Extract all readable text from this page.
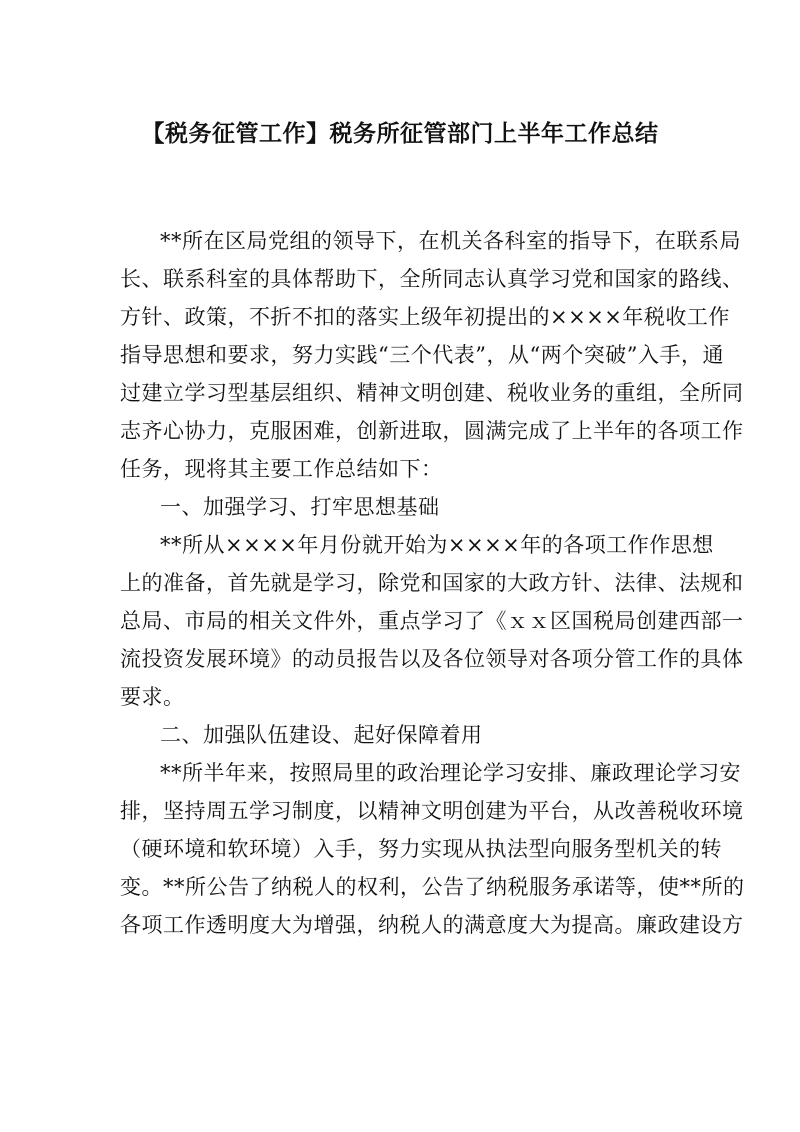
【税务征管工作】税务所征管部门上半年工作总结
**所在区局党组的领导下，在机关各科室的指导下，在联系局
长、联系科室的具体帮助下，全所同志认真学习党和国家的路线、
方针、政策，不折不扣的落实上级年初提出的××××年税收工作
指导思想和要求，努力实践“三个代表”，从“两个突破”入手，通
过建立学习型基层组织、精神文明创建、税收业务的重组，全所同
志齐心协力，克服困难，创新进取，圆满完成了上半年的各项工作
任务，现将其主要工作总结如下：
一、加强学习、打牢思想基础
**所从××××年月份就开始为××××年的各项工作作思想
上的准备，首先就是学习，除党和国家的大政方针、法律、法规和
总局、市局的相关文件外，重点学习了《ｘｘ区国税局创建西部一
流投资发展环境》的动员报告以及各位领导对各项分管工作的具体
要求。
二、加强队伍建设、起好保障着用
**所半年来，按照局里的政治理论学习安排、廉政理论学习安
排，坚持周五学习制度，以精神文明创建为平台，从改善税收环境
（硬环境和软环境）入手，努力实现从执法型向服务型机关的转
变。**所公告了纳税人的权利，公告了纳税服务承诺等，使**所的
各项工作透明度大为增强，纳税人的满意度大为提高。廉政建设方
